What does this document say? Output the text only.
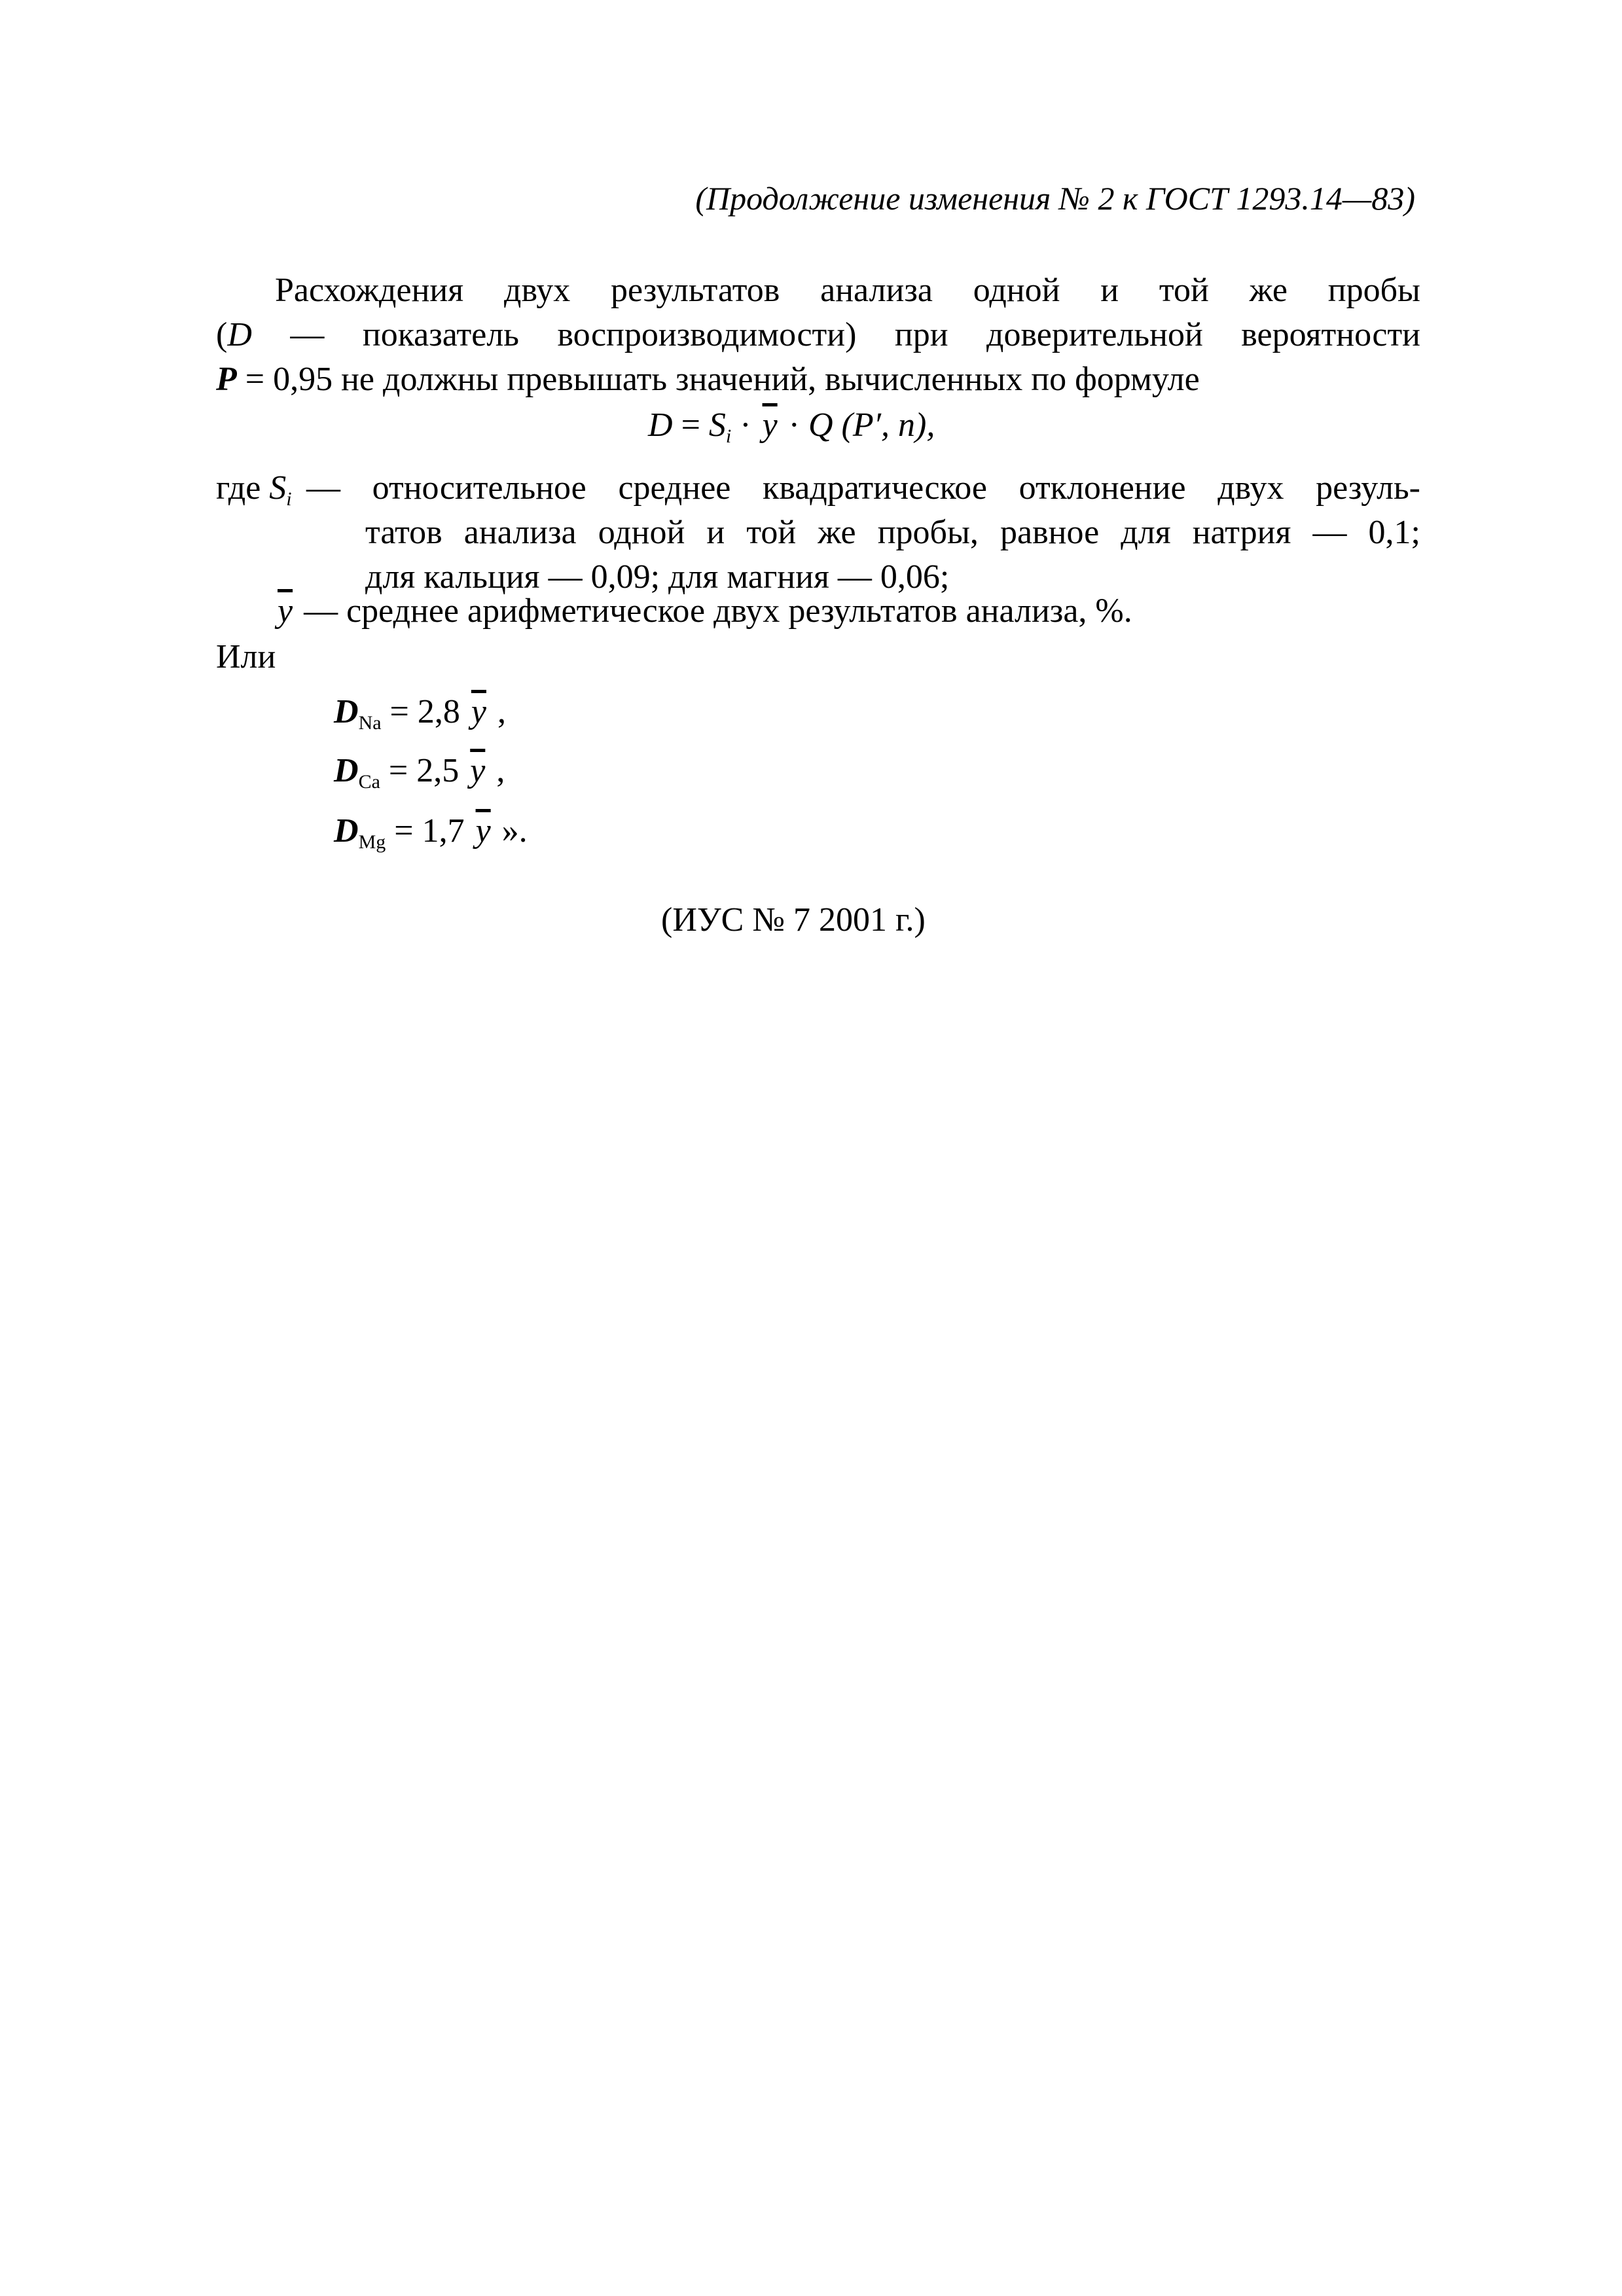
(Продолжение изменения № 2 к ГОСТ 1293.14—83)
Расхождения двух результатов анализа одной и той же пробы
(D — показатель воспроизводимости) при доверительной вероятности
P = 0,95 не должны превышать значений, вычисленных по формуле
$D = S_i \cdot \overline{y} \cdot Q$ (P′, n),
где $S_i$ — относительное среднее квадратическое отклонение двух резуль-
татов анализа одной и той же пробы, равное для натрия — 0,1;
для кальция — 0,09; для магния — 0,06;
$\overline{y}$ — среднее арифметическое двух результатов анализа, %.
Или
$D_{Na} = 2,8$ $\overline{y}$ ,
$D_{Ca} = 2,5$ $\overline{y}$ ,
$D_{Mg} = 1,7$ $\overline{y}$ ».
(ИУС № 7 2001 г.)
